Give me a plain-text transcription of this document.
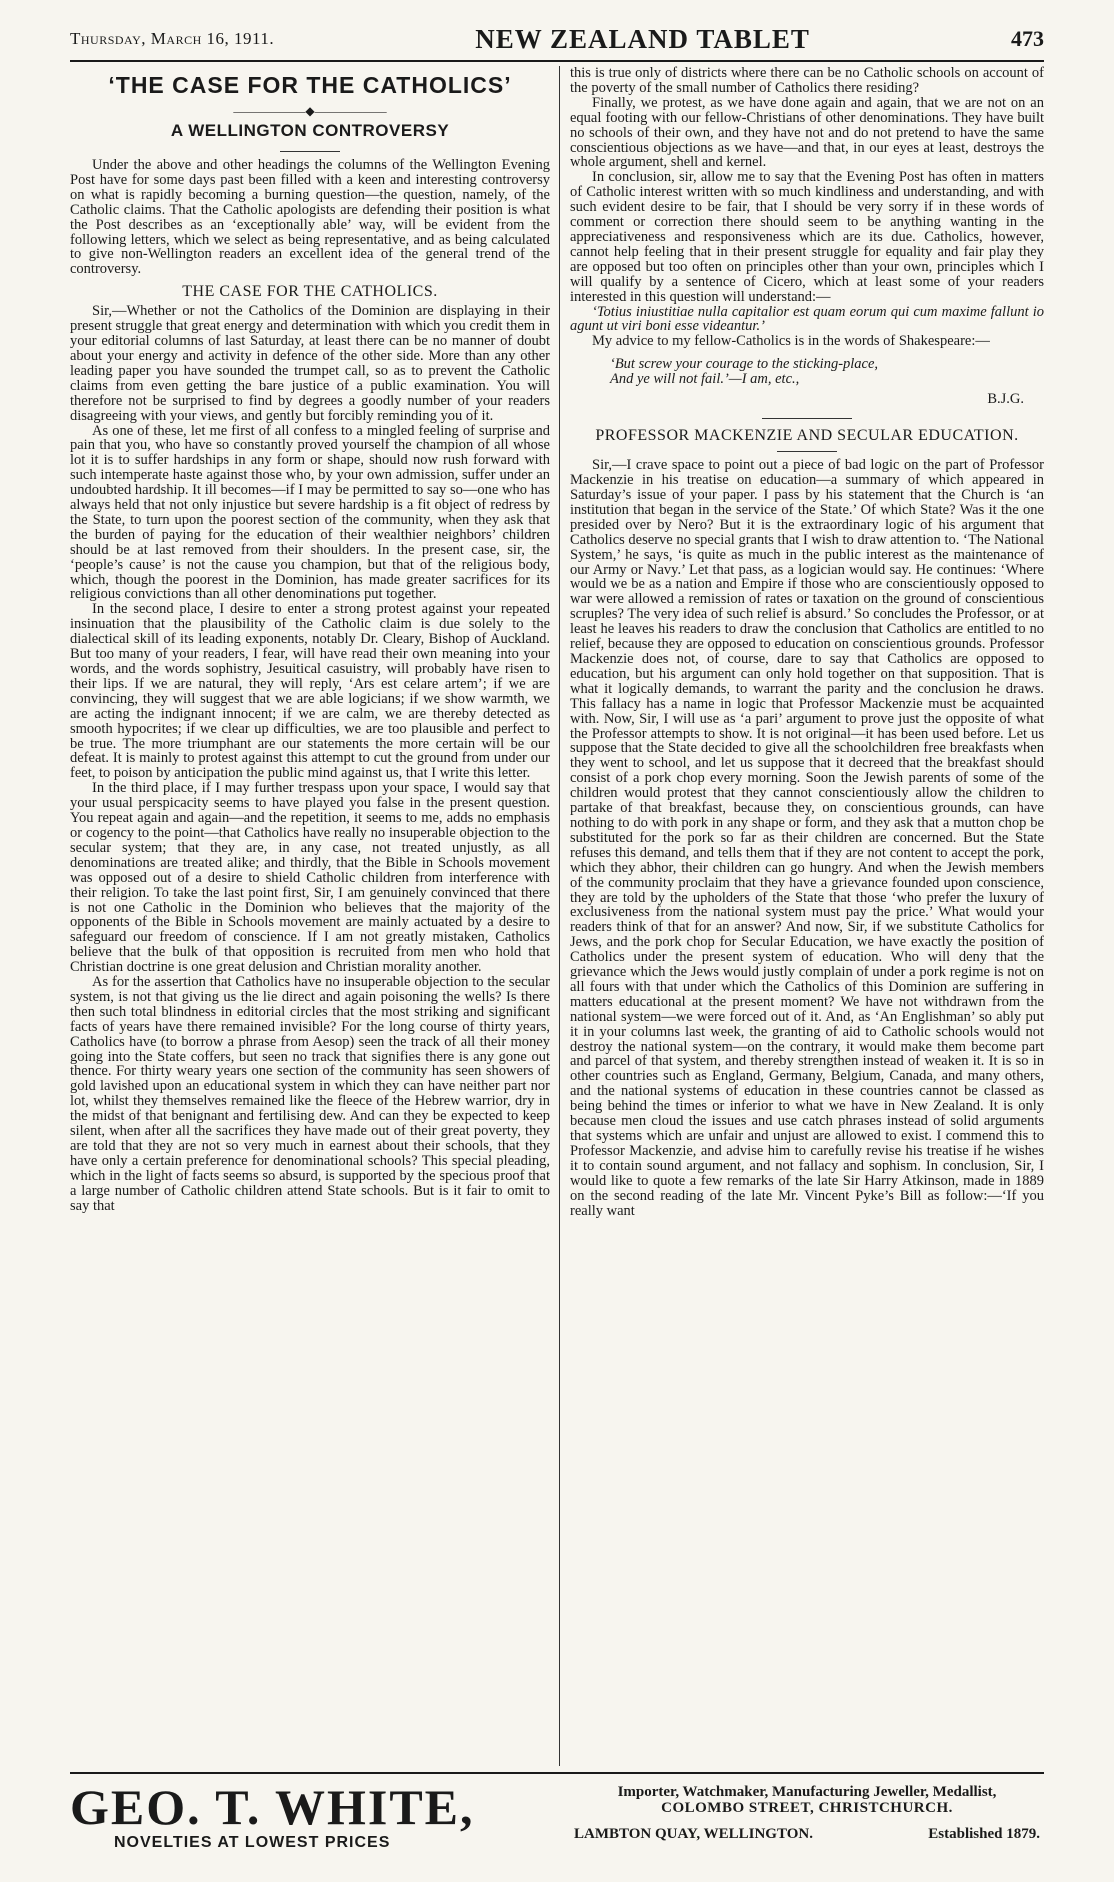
Thursday, March 16, 1911.	NEW ZEALAND TABLET	473
‘THE CASE FOR THE CATHOLICS’
——————◆——————
A WELLINGTON CONTROVERSY

Under the above and other headings the columns of the Wellington Evening Post have for some days past been filled with a keen and interesting controversy on what is rapidly becoming a burning question—the question, namely, of the Catholic claims. That the Catholic apologists are defending their position is what the Post describes as an ‘exceptionally able’ way, will be evident from the following letters, which we select as being representative, and as being calculated to give non-Wellington readers an excellent idea of the general trend of the controversy.

THE CASE FOR THE CATHOLICS.

Sir,—Whether or not the Catholics of the Dominion are displaying in their present struggle that great energy and determination with which you credit them in your editorial columns of last Saturday, at least there can be no manner of doubt about your energy and activity in defence of the other side. More than any other leading paper you have sounded the trumpet call, so as to prevent the Catholic claims from even getting the bare justice of a public examination. You will therefore not be surprised to find by degrees a goodly number of your readers disagreeing with your views, and gently but forcibly reminding you of it.

As one of these, let me first of all confess to a mingled feeling of surprise and pain that you, who have so constantly proved yourself the champion of all whose lot it is to suffer hardships in any form or shape, should now rush forward with such intemperate haste against those who, by your own admission, suffer under an undoubted hardship. It ill becomes—if I may be permitted to say so—one who has always held that not only injustice but severe hardship is a fit object of redress by the State, to turn upon the poorest section of the community, when they ask that the burden of paying for the education of their wealthier neighbors’ children should be at last removed from their shoulders. In the present case, sir, the ‘people’s cause’ is not the cause you champion, but that of the religious body, which, though the poorest in the Dominion, has made greater sacrifices for its religious convictions than all other denominations put together.

In the second place, I desire to enter a strong protest against your repeated insinuation that the plausibility of the Catholic claim is due solely to the dialectical skill of its leading exponents, notably Dr. Cleary, Bishop of Auckland. But too many of your readers, I fear, will have read their own meaning into your words, and the words sophistry, Jesuitical casuistry, will probably have risen to their lips. If we are natural, they will reply, ‘Ars est celare artem’; if we are convincing, they will suggest that we are able logicians; if we show warmth, we are acting the indignant innocent; if we are calm, we are thereby detected as smooth hypocrites; if we clear up difficulties, we are too plausible and perfect to be true. The more triumphant are our statements the more certain will be our defeat. It is mainly to protest against this attempt to cut the ground from under our feet, to poison by anticipation the public mind against us, that I write this letter.

In the third place, if I may further trespass upon your space, I would say that your usual perspicacity seems to have played you false in the present question. You repeat again and again—and the repetition, it seems to me, adds no emphasis or cogency to the point—that Catholics have really no insuperable objection to the secular system; that they are, in any case, not treated unjustly, as all denominations are treated alike; and thirdly, that the Bible in Schools movement was opposed out of a desire to shield Catholic children from interference with their religion. To take the last point first, Sir, I am genuinely convinced that there is not one Catholic in the Dominion who believes that the majority of the opponents of the Bible in Schools movement are mainly actuated by a desire to safeguard our freedom of conscience. If I am not greatly mistaken, Catholics believe that the bulk of that opposition is recruited from men who hold that Christian doctrine is one great delusion and Christian morality another.

As for the assertion that Catholics have no insuperable objection to the secular system, is not that giving us the lie direct and again poisoning the wells? Is there then such total blindness in editorial circles that the most striking and significant facts of years have there remained invisible? For the long course of thirty years, Catholics have (to borrow a phrase from Aesop) seen the track of all their money going into the State coffers, but seen no track that signifies there is any gone out thence. For thirty weary years one section of the community has seen showers of gold lavished upon an educational system in which they can have neither part nor lot, whilst they themselves remained like the fleece of the Hebrew warrior, dry in the midst of that benignant and fertilising dew. And can they be expected to keep silent, when after all the sacrifices they have made out of their great poverty, they are told that they are not so very much in earnest about their schools, that they have only a certain preference for denominational schools? This special pleading, which in the light of facts seems so absurd, is supported by the specious proof that a large number of Catholic children attend State schools. But is it fair to omit to say that

this is true only of districts where there can be no Catholic schools on account of the poverty of the small number of Catholics there residing?

Finally, we protest, as we have done again and again, that we are not on an equal footing with our fellow-Christians of other denominations. They have built no schools of their own, and they have not and do not pretend to have the same conscientious objections as we have—and that, in our eyes at least, destroys the whole argument, shell and kernel.

In conclusion, sir, allow me to say that the Evening Post has often in matters of Catholic interest written with so much kindliness and understanding, and with such evident desire to be fair, that I should be very sorry if in these words of comment or correction there should seem to be anything wanting in the appreciativeness and responsiveness which are its due. Catholics, however, cannot help feeling that in their present struggle for equality and fair play they are opposed but too often on principles other than your own, principles which I will qualify by a sentence of Cicero, which at least some of your readers interested in this question will understand:—

‘Totius iniustitiae nulla capitalior est quam eorum qui cum maxime fallunt io agunt ut viri boni esse videantur.’

My advice to my fellow-Catholics is in the words of Shakespeare:—

‘But screw your courage to the sticking-place,
And ye will not fail.’—I am, etc.,
B.J.G.
PROFESSOR MACKENZIE AND SECULAR EDUCATION.

Sir,—I crave space to point out a piece of bad logic on the part of Professor Mackenzie in his treatise on education—a summary of which appeared in Saturday’s issue of your paper. I pass by his statement that the Church is ‘an institution that began in the service of the State.’ Of which State? Was it the one presided over by Nero? But it is the extraordinary logic of his argument that Catholics deserve no special grants that I wish to draw attention to. ‘The National System,’ he says, ‘is quite as much in the public interest as the maintenance of our Army or Navy.’ Let that pass, as a logician would say. He continues: ‘Where would we be as a nation and Empire if those who are conscientiously opposed to war were allowed a remission of rates or taxation on the ground of conscientious scruples? The very idea of such relief is absurd.’ So concludes the Professor, or at least he leaves his readers to draw the conclusion that Catholics are entitled to no relief, because they are opposed to education on conscientious grounds. Professor Mackenzie does not, of course, dare to say that Catholics are opposed to education, but his argument can only hold together on that supposition. That is what it logically demands, to warrant the parity and the conclusion he draws. This fallacy has a name in logic that Professor Mackenzie must be acquainted with. Now, Sir, I will use as ‘a pari’ argument to prove just the opposite of what the Professor attempts to show. It is not original—it has been used before. Let us suppose that the State decided to give all the schoolchildren free breakfasts when they went to school, and let us suppose that it decreed that the breakfast should consist of a pork chop every morning. Soon the Jewish parents of some of the children would protest that they cannot conscientiously allow the children to partake of that breakfast, because they, on conscientious grounds, can have nothing to do with pork in any shape or form, and they ask that a mutton chop be substituted for the pork so far as their children are concerned. But the State refuses this demand, and tells them that if they are not content to accept the pork, which they abhor, their children can go hungry. And when the Jewish members of the community proclaim that they have a grievance founded upon conscience, they are told by the upholders of the State that those ‘who prefer the luxury of exclusiveness from the national system must pay the price.’ What would your readers think of that for an answer? And now, Sir, if we substitute Catholics for Jews, and the pork chop for Secular Education, we have exactly the position of Catholics under the present system of education. Who will deny that the grievance which the Jews would justly complain of under a pork regime is not on all fours with that under which the Catholics of this Dominion are suffering in matters educational at the present moment? We have not withdrawn from the national system—we were forced out of it. And, as ‘An Englishman’ so ably put it in your columns last week, the granting of aid to Catholic schools would not destroy the national system—on the contrary, it would make them become part and parcel of that system, and thereby strengthen instead of weaken it. It is so in other countries such as England, Germany, Belgium, Canada, and many others, and the national systems of education in these countries cannot be classed as being behind the times or inferior to what we have in New Zealand. It is only because men cloud the issues and use catch phrases instead of solid arguments that systems which are unfair and unjust are allowed to exist. I commend this to Professor Mackenzie, and advise him to carefully revise his treatise if he wishes it to contain sound argument, and not fallacy and sophism. In conclusion, Sir, I would like to quote a few remarks of the late Sir Harry Atkinson, made in 1889 on the second reading of the late Mr. Vincent Pyke’s Bill as follow:—‘If you really want

GEO. T. WHITE,
NOVELTIES AT LOWEST PRICES
Importer, Watchmaker, Manufacturing Jeweller, Medallist,
COLOMBO STREET, CHRISTCHURCH.
LAMBTON QUAY, WELLINGTON.	Established 1879.
